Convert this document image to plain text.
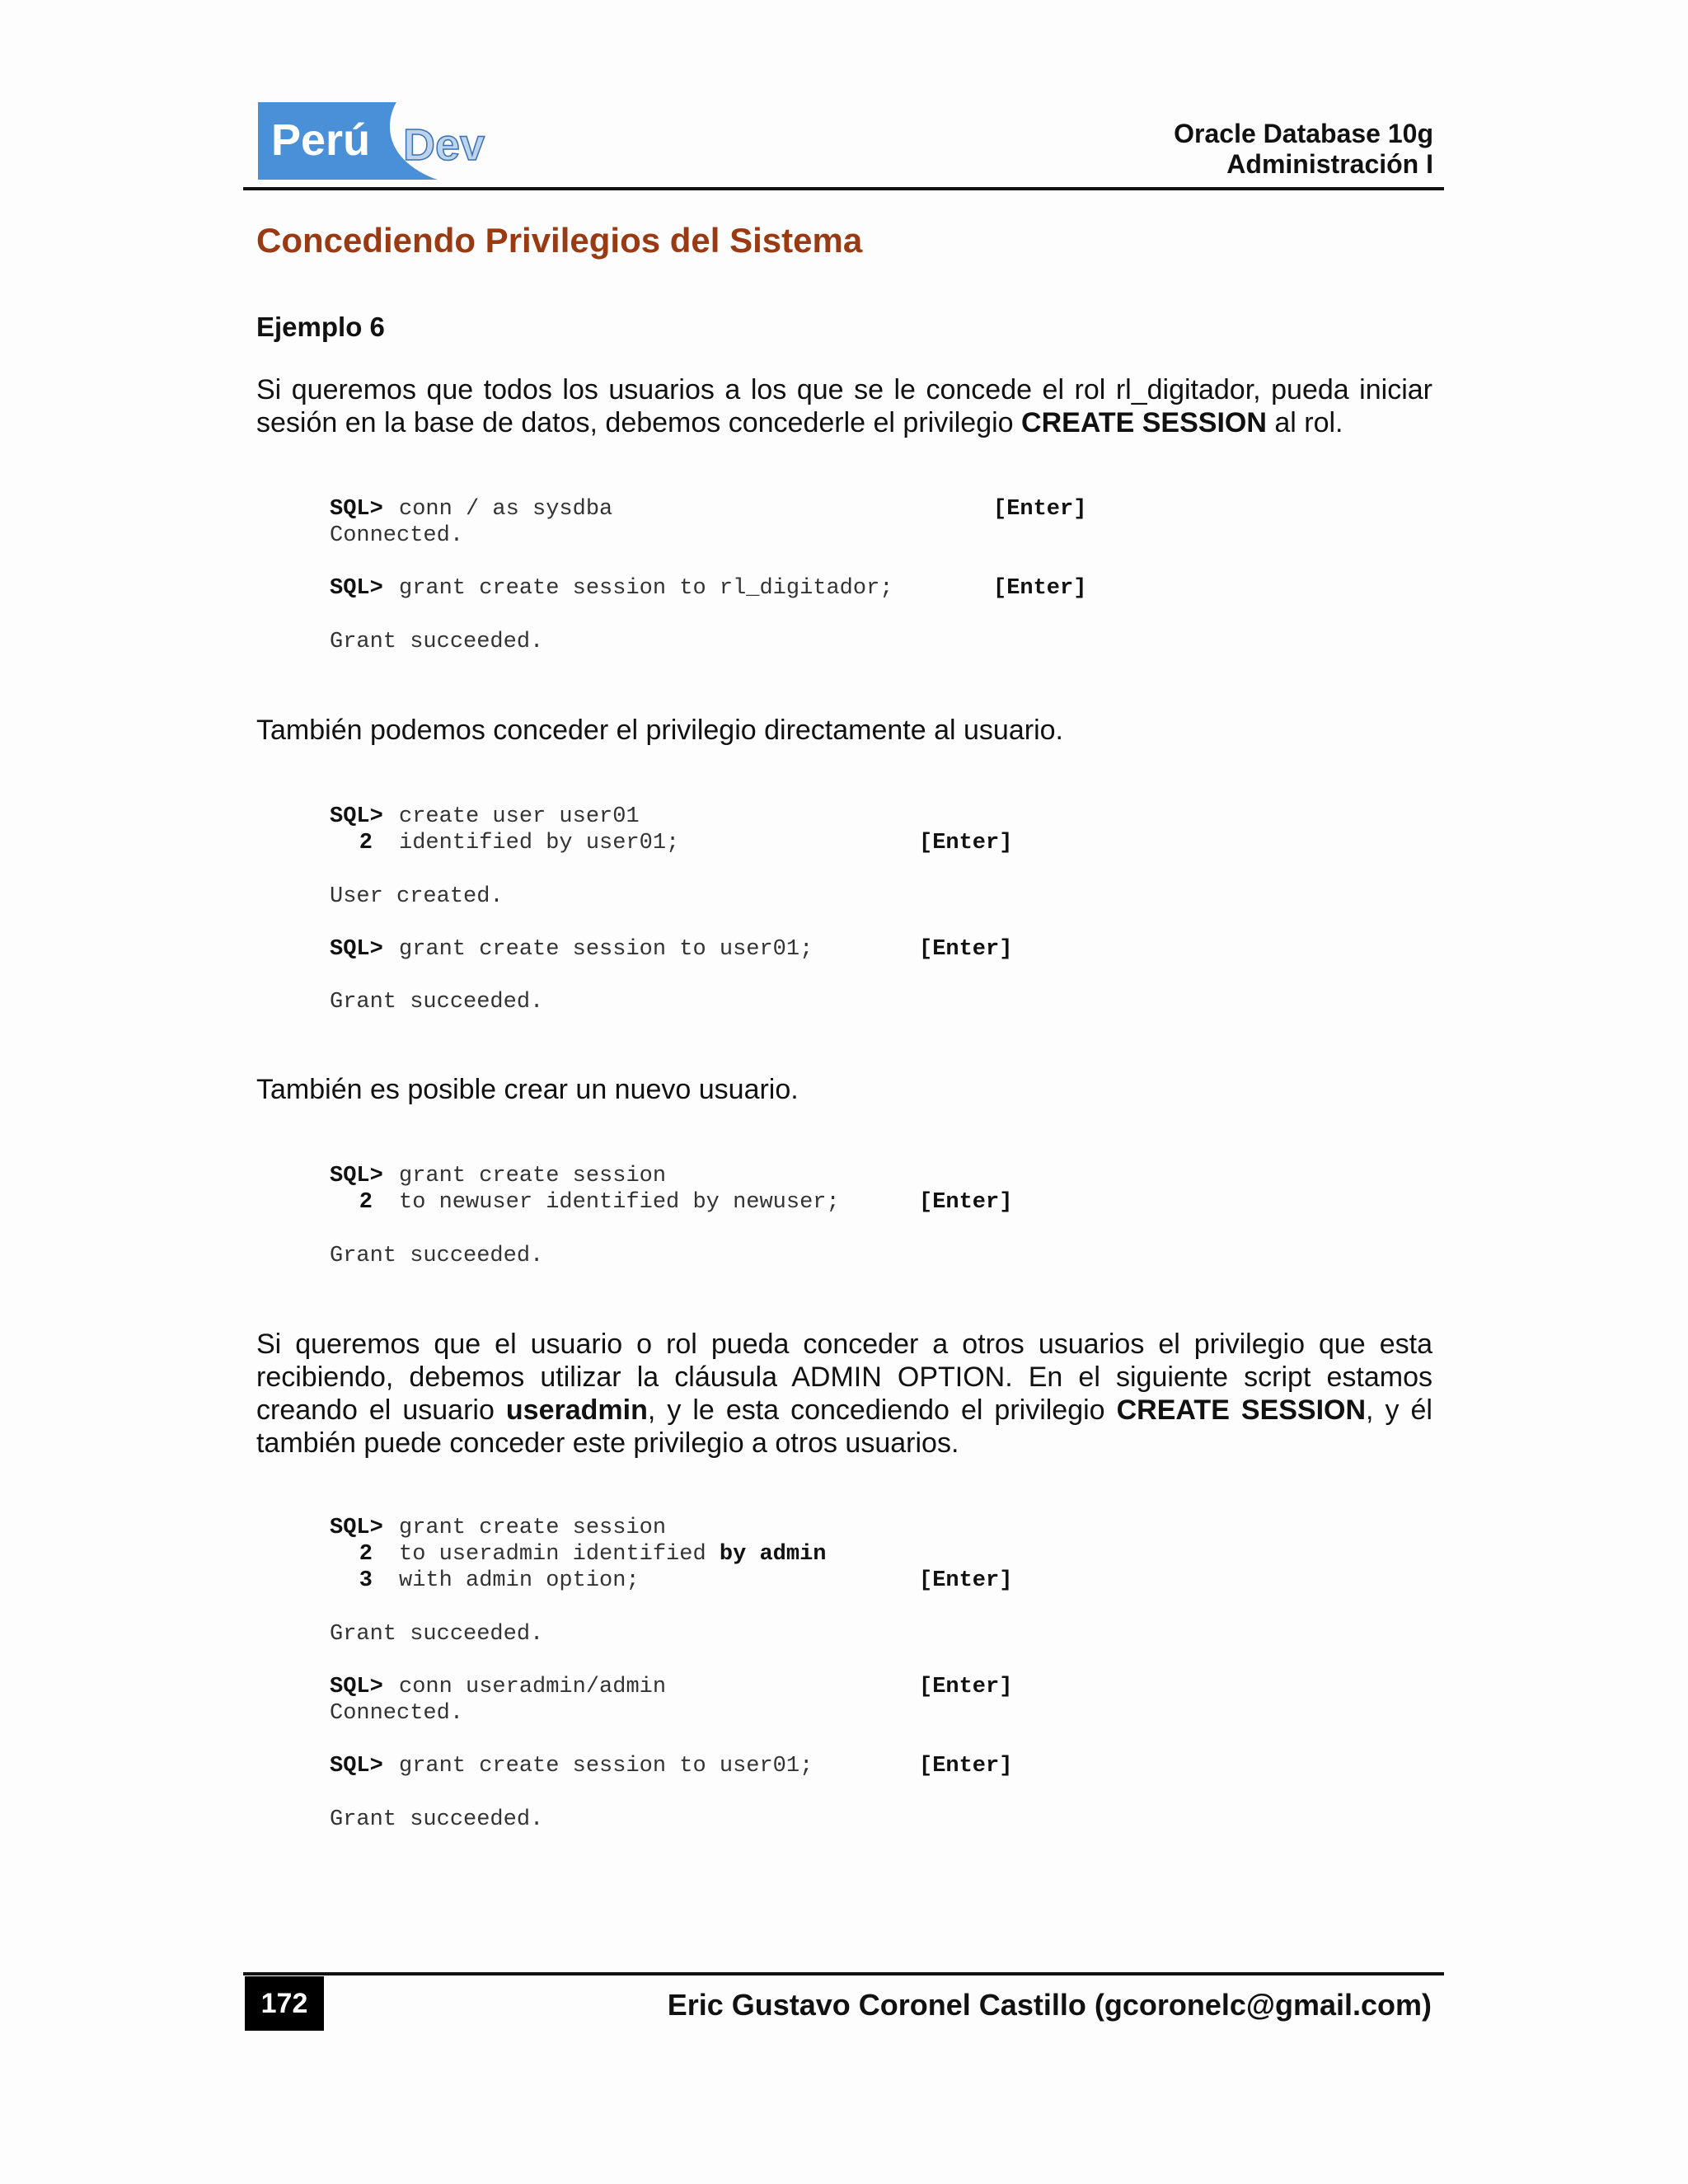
Perú Dev	Oracle Database 10g
Administración I
Concediendo Privilegios del Sistema
Ejemplo 6
Si queremos que todos los usuarios a los que se le concede el rol rl_digitador, pueda iniciar sesión en la base de datos, debemos concederle el privilegio CREATE SESSION al rol.
SQL> conn / as sysdba	[Enter]
Connected.
SQL> grant create session to rl_digitador;	[Enter]
Grant succeeded.
También podemos conceder el privilegio directamente al usuario.
SQL> create user user01
2 identified by user01;	[Enter]
User created.
SQL> grant create session to user01;	[Enter]
Grant succeeded.
También es posible crear un nuevo usuario.
SQL> grant create session
2 to newuser identified by newuser;	[Enter]
Grant succeeded.
Si queremos que el usuario o rol pueda conceder a otros usuarios el privilegio que esta recibiendo, debemos utilizar la cláusula ADMIN OPTION. En el siguiente script estamos creando el usuario useradmin, y le esta concediendo el privilegio CREATE SESSION, y él también puede conceder este privilegio a otros usuarios.
SQL> grant create session
2 to useradmin identified by admin
3 with admin option;	[Enter]
Grant succeeded.
SQL> conn useradmin/admin	[Enter]
Connected.
SQL> grant create session to user01;	[Enter]
Grant succeeded.
172	Eric Gustavo Coronel Castillo (gcoronelc@gmail.com)
